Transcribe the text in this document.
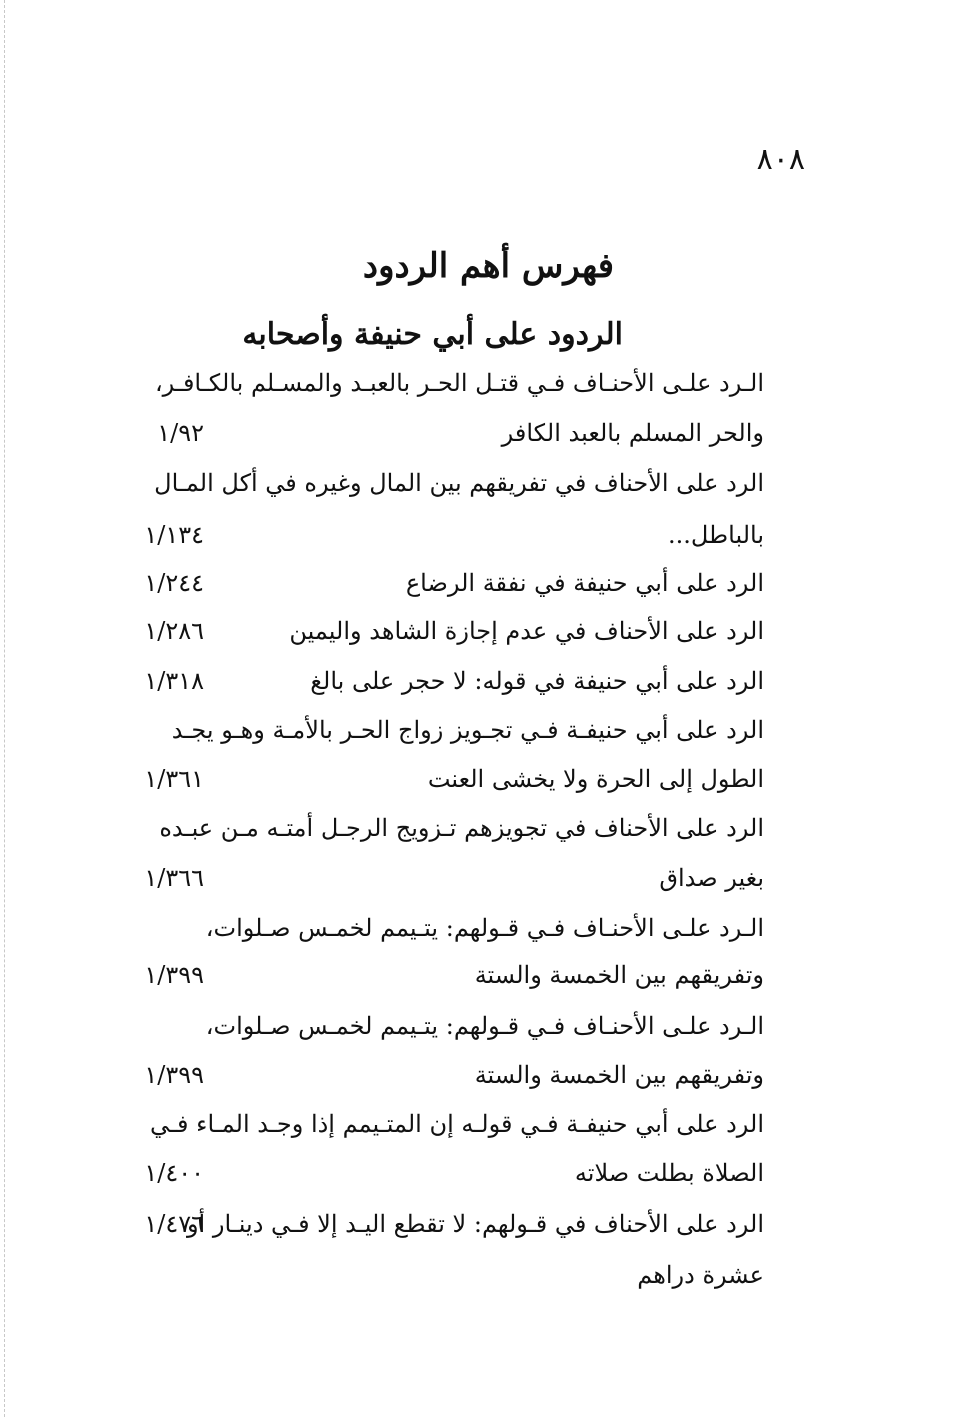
٨٠٨
فهرس أهم الردود
الردود على أبي حنيفة وأصحابه
الـرد علـى الأحنـاف فـي قتـل الحـر بالعبـد والمسـلم بالكـافـر،
والحر المسلم بالعبد الكافر
١/٩٢
الرد على الأحناف في تفريقهم بين المال وغيره في أكل المـال
بالباطل...
١/١٣٤
الرد على أبي حنيفة في نفقة الرضاع
١/٢٤٤
الرد على الأحناف في عدم إجازة الشاهد واليمين
١/٢٨٦
الرد على أبي حنيفة في قوله: لا حجر على بالغ
١/٣١٨
الرد على أبي حنيفـة فـي تجـويز زواج الحـر بالأمـة وهـو يجـد
الطول إلى الحرة ولا يخشى العنت
١/٣٦١
الرد على الأحناف في تجويزهم تـزويج الرجـل أمتـه مـن عبـده
بغير صداق
١/٣٦٦
الـرد علـى الأحنـاف فـي قـولهم: يتـيمم لخمـس صـلوات،
وتفريقهم بين الخمسة والستة
١/٣٩٩
الـرد علـى الأحنـاف فـي قـولهم: يتـيمم لخمـس صـلوات،
وتفريقهم بين الخمسة والستة
١/٣٩٩
الرد على أبي حنيفـة فـي قولـه إن المتـيمم إذا وجـد المـاء فـي
الصلاة بطلت صلاته
١/٤٠٠
الرد على الأحناف في قـولهم: لا تقطع اليـد إلا فـي دينـار أو
١/٤٧٦
عشرة دراهم
